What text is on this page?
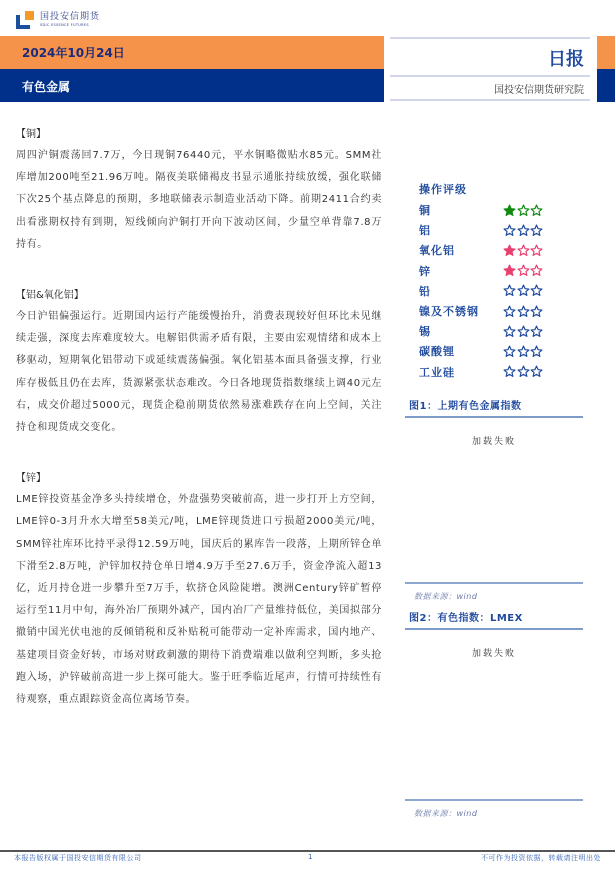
国投安信期货
SDIC ESSENCE FUTURES
2024年10月24日
有色金属
日报
国投安信期货研究院
【铜】
周四沪铜震荡回7.7万，今日现铜76440元，平水铜略微贴水85元。SMM社库增加200吨至21.96万吨。隔夜美联储褐皮书显示通胀持续放缓，强化联储下次25个基点降息的预期，多地联储表示制造业活动下降。前期2411合约卖出看涨期权持有到期，短线倾向沪铜打开向下波动区间，少量空单背靠7.8万持有。
【铝&氧化铝】
今日沪铝偏强运行。近期国内运行产能缓慢抬升，消费表现较好但环比未见继续走强，深度去库难度较大。电解铝供需矛盾有限，主要由宏观情绪和成本上移驱动，短期氧化铝带动下或延续震荡偏强。氧化铝基本面具备强支撑，行业库存极低且仍在去库，货源紧张状态难改。今日各地现货指数继续上调40元左右，成交价超过5000元，现货企稳前期货依然易涨难跌存在向上空间，关注持仓和现货成交变化。
【锌】
LME锌投资基金净多头持续增仓，外盘强势突破前高，进一步打开上方空间，LME锌0-3月升水大增至58美元/吨，LME锌现货进口亏损超2000美元/吨，SMM锌社库环比持平录得12.59万吨，国庆后的累库告一段落，上期所锌仓单下滑至2.8万吨，沪锌加权持仓单日增4.9万手至27.6万手，资金净流入超13亿，近月持仓进一步攀升至7万手，软挤仓风险陡增。澳洲Century锌矿暂停运行至11月中旬，海外冶厂预期外减产，国内冶厂产量维持低位，美国拟部分撤销中国光伏电池的反倾销税和反补贴税可能带动一定补库需求，国内地产、基建项目资金好转，市场对财政刺激的期待下消费端难以做利空判断，多头抢跑入场，沪锌破前高进一步上探可能大。鉴于旺季临近尾声，行情可持续性有待观察，重点跟踪资金高位离场节奏。
操作评级
铜
铝
氧化铝
锌
铅
镍及不锈钢
锡
碳酸锂
工业硅
图1：上期有色金属指数
加载失败
数据来源：wind
图2：有色指数：LMEX
加载失败
数据来源：wind
本报告版权属于国投安信期货有限公司	1	不可作为投资依据，转载请注明出处
